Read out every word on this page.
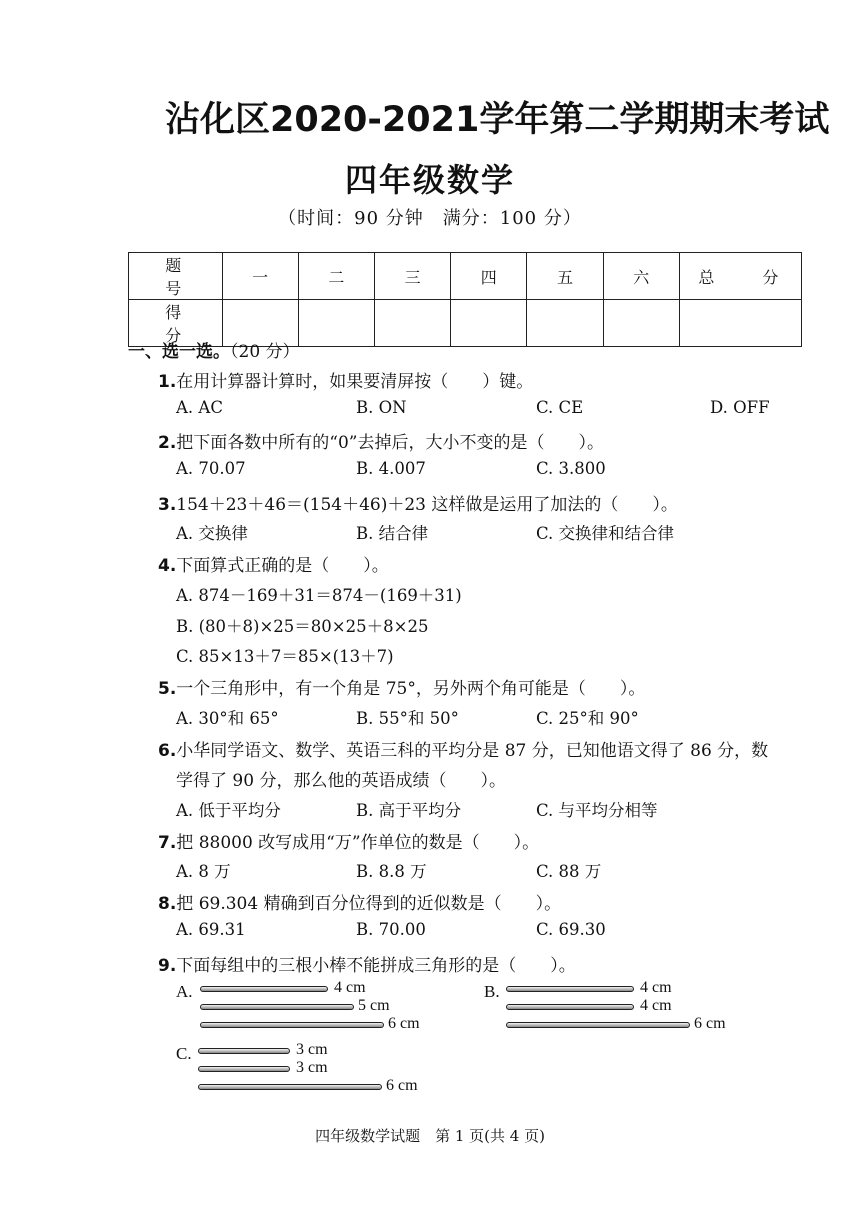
沾化区2020-2021学年第二学期期末考试
四年级数学
（时间：90 分钟　满分：100 分）
题　号	一	二	三	四	五	六	总　分
得　分							
一、选一选。（20 分）
1.在用计算器计算时，如果要清屏按（　　）键。
A. AC	B. ON	C. CE	D. OFF
2.把下面各数中所有的“0”去掉后，大小不变的是（　　）。
A. 70.07	B. 4.007	C. 3.800
3.154＋23＋46＝(154＋46)＋23 这样做是运用了加法的（　　）。
A. 交换律	B. 结合律	C. 交换律和结合律
4.下面算式正确的是（　　）。
A. 874－169＋31＝874－(169＋31)
B. (80＋8)×25＝80×25＋8×25
C. 85×13＋7＝85×(13＋7)
5.一个三角形中，有一个角是 75°，另外两个角可能是（　　）。
A. 30°和 65°	B. 55°和 50°	C. 25°和 90°
6.小华同学语文、数学、英语三科的平均分是 87 分，已知他语文得了 86 分，数
学得了 90 分，那么他的英语成绩（　　）。
A. 低于平均分	B. 高于平均分	C. 与平均分相等
7.把 88000 改写成用“万”作单位的数是（　　）。
A. 8 万	B. 8.8 万	C. 88 万
8.把 69.304 精确到百分位得到的近似数是（　　）。
A. 69.31	B. 70.00	C. 69.30
9.下面每组中的三根小棒不能拼成三角形的是（　　）。
A.	4 cm
5 cm
6 cm
B.	4 cm
4 cm
6 cm
C.	3 cm
3 cm
6 cm
四年级数学试题　第 1 页(共 4 页)
